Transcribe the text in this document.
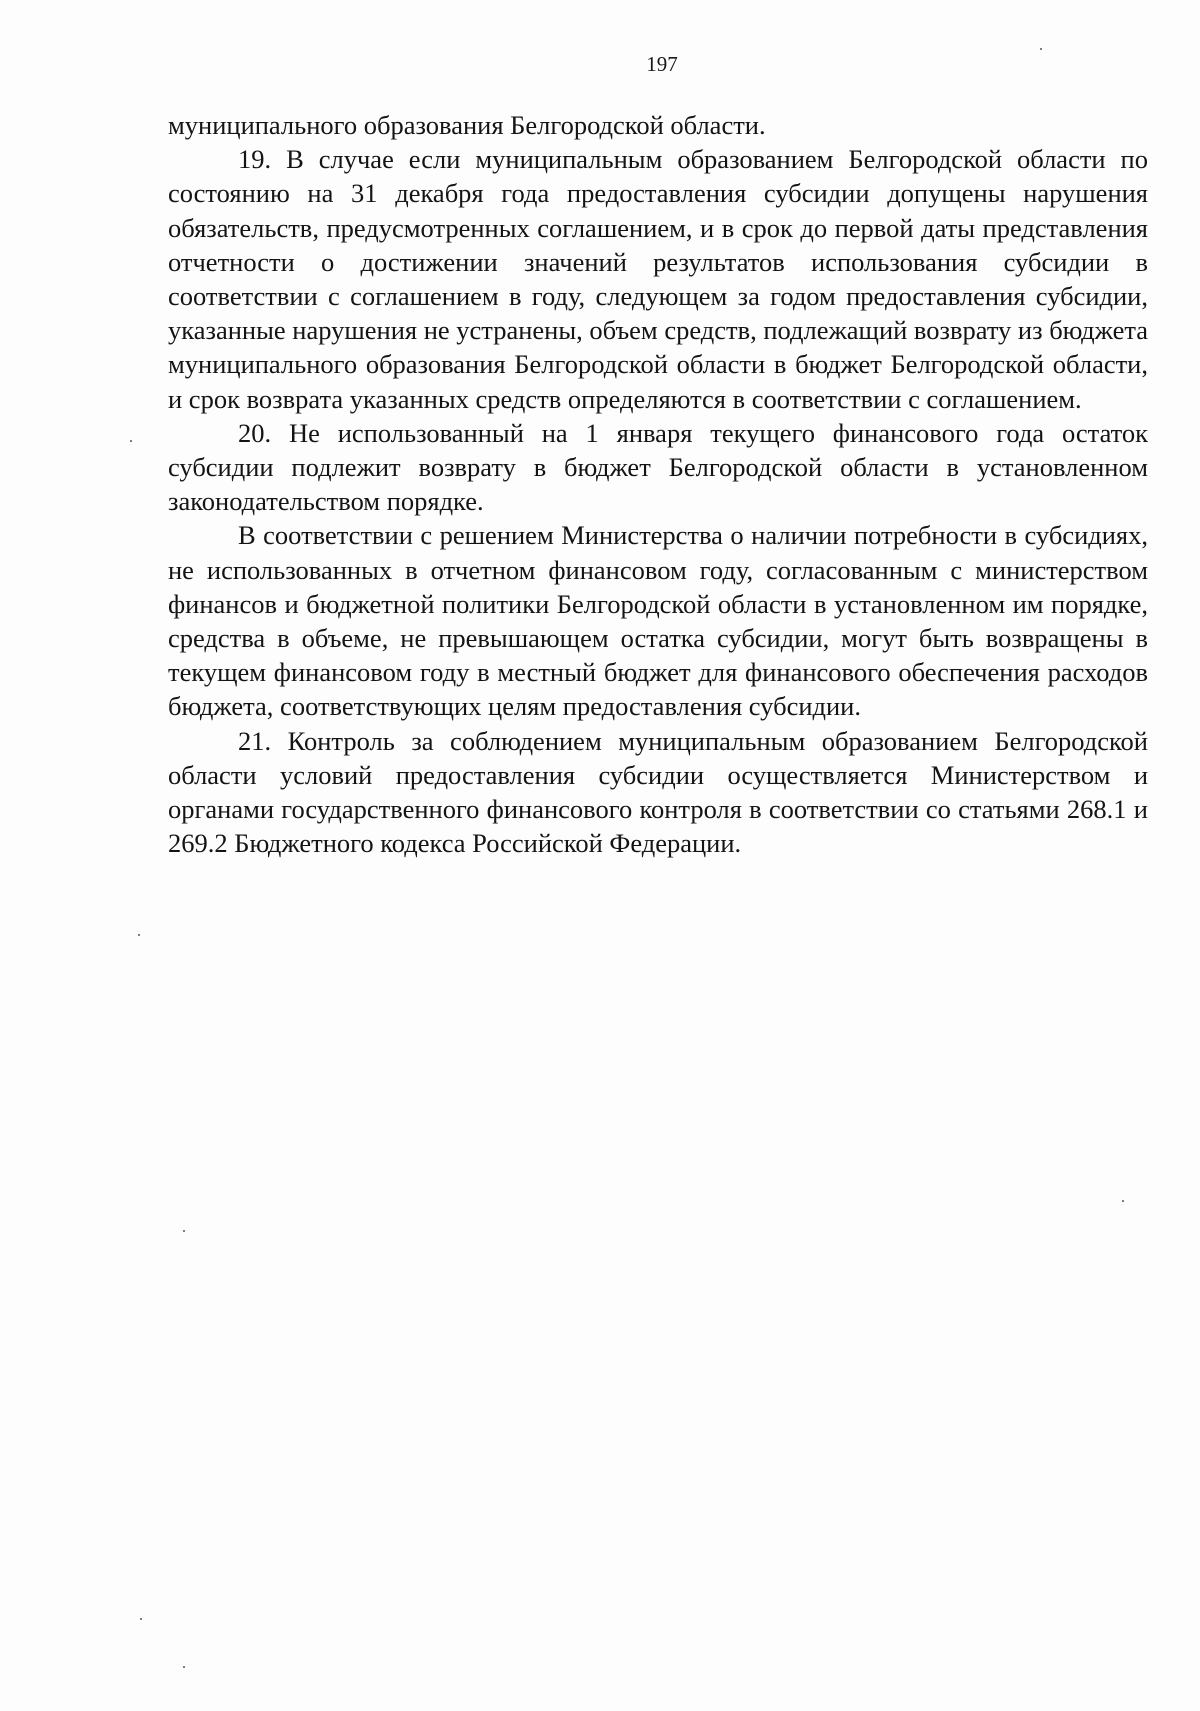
197

муниципального образования Белгородской области.

19. В случае если муниципальным образованием Белгородской области по состоянию на 31 декабря года предоставления субсидии допущены нарушения обязательств, предусмотренных соглашением, и в срок до первой даты представления отчетности о достижении значений результатов использования субсидии в соответствии с соглашением в году, следующем за годом предоставления субсидии, указанные нарушения не устранены, объем средств, подлежащий возврату из бюджета муниципального образования Белгородской области в бюджет Белгородской области, и срок возврата указанных средств определяются в соответствии с соглашением.

20. Не использованный на 1 января текущего финансового года остаток субсидии подлежит возврату в бюджет Белгородской области в установленном законодательством порядке.

В соответствии с решением Министерства о наличии потребности в субсидиях, не использованных в отчетном финансовом году, согласованным с министерством финансов и бюджетной политики Белгородской области в установленном им порядке, средства в объеме, не превышающем остатка субсидии, могут быть возвращены в текущем финансовом году в местный бюджет для финансового обеспечения расходов бюджета, соответствующих целям предоставления субсидии.

21. Контроль за соблюдением муниципальным образованием Белгородской области условий предоставления субсидии осуществляется Министерством и органами государственного финансового контроля в соответствии со статьями 268.1 и 269.2 Бюджетного кодекса Российской Федерации.
